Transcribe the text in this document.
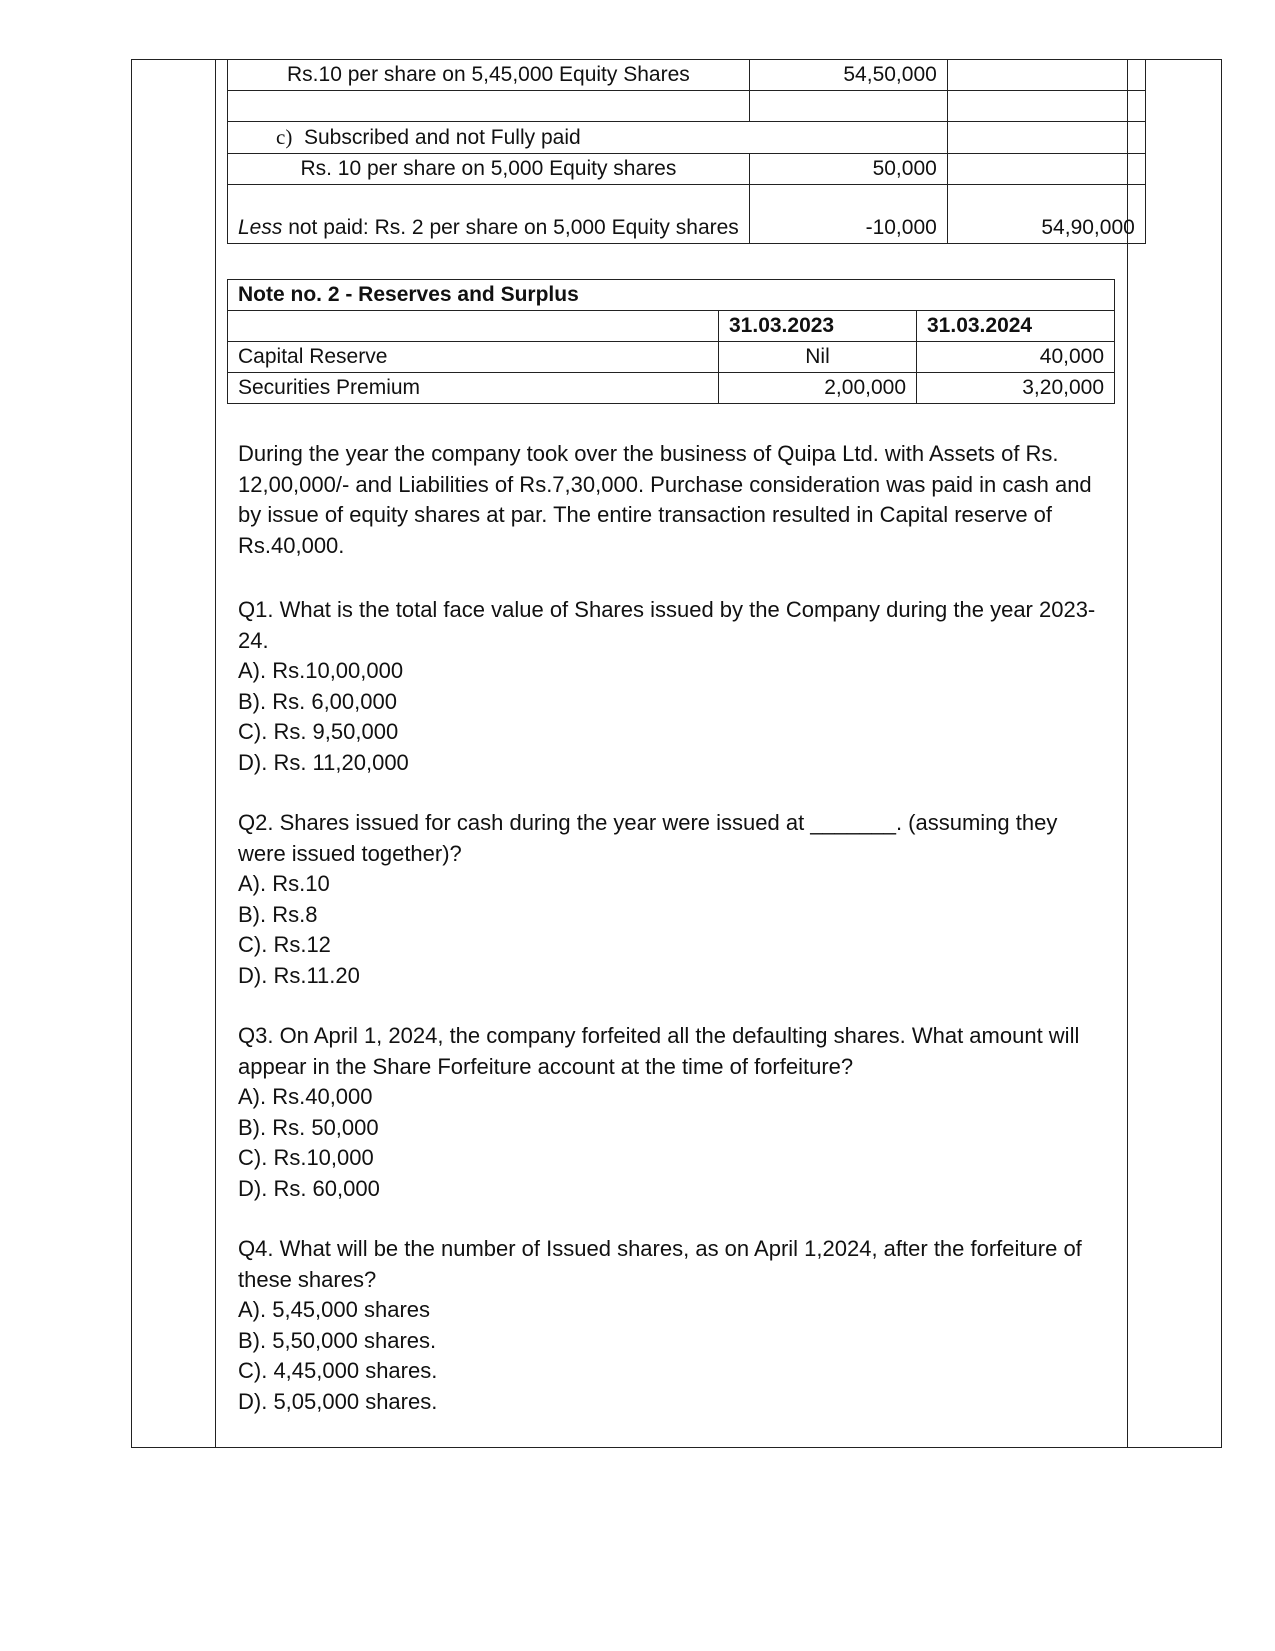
Rs.10 per share on 5,45,000 Equity Shares	54,50,000	

c) Subscribed and not Fully paid		
Rs. 10 per share on 5,000 Equity shares	50,000	
Less not paid: Rs. 2 per share on 5,000 Equity shares	-10,000	54,90,000
Note no. 2 - Reserves and Surplus		
	31.03.2023	31.03.2024
Capital Reserve	Nil	40,000
Securities Premium	2,00,000	3,20,000

During the year the company took over the business of Quipa Ltd. with Assets of Rs. 12,00,000/- and Liabilities of Rs.7,30,000. Purchase consideration was paid in cash and by issue of equity shares at par. The entire transaction resulted in Capital reserve of Rs.40,000.

Q1. What is the total face value of Shares issued by the Company during the year 2023-24.
A). Rs.10,00,000
B). Rs. 6,00,000
C). Rs. 9,50,000
D). Rs. 11,20,000
Q2. Shares issued for cash during the year were issued at _______. (assuming they were issued together)?
A). Rs.10
B). Rs.8
C). Rs.12
D). Rs.11.20
Q3. On April 1, 2024, the company forfeited all the defaulting shares. What amount will appear in the Share Forfeiture account at the time of forfeiture?
A). Rs.40,000
B). Rs. 50,000
C). Rs.10,000
D). Rs. 60,000
Q4. What will be the number of Issued shares, as on April 1,2024, after the forfeiture of these shares?
A). 5,45,000 shares
B). 5,50,000 shares.
C). 4,45,000 shares.
D). 5,05,000 shares.
